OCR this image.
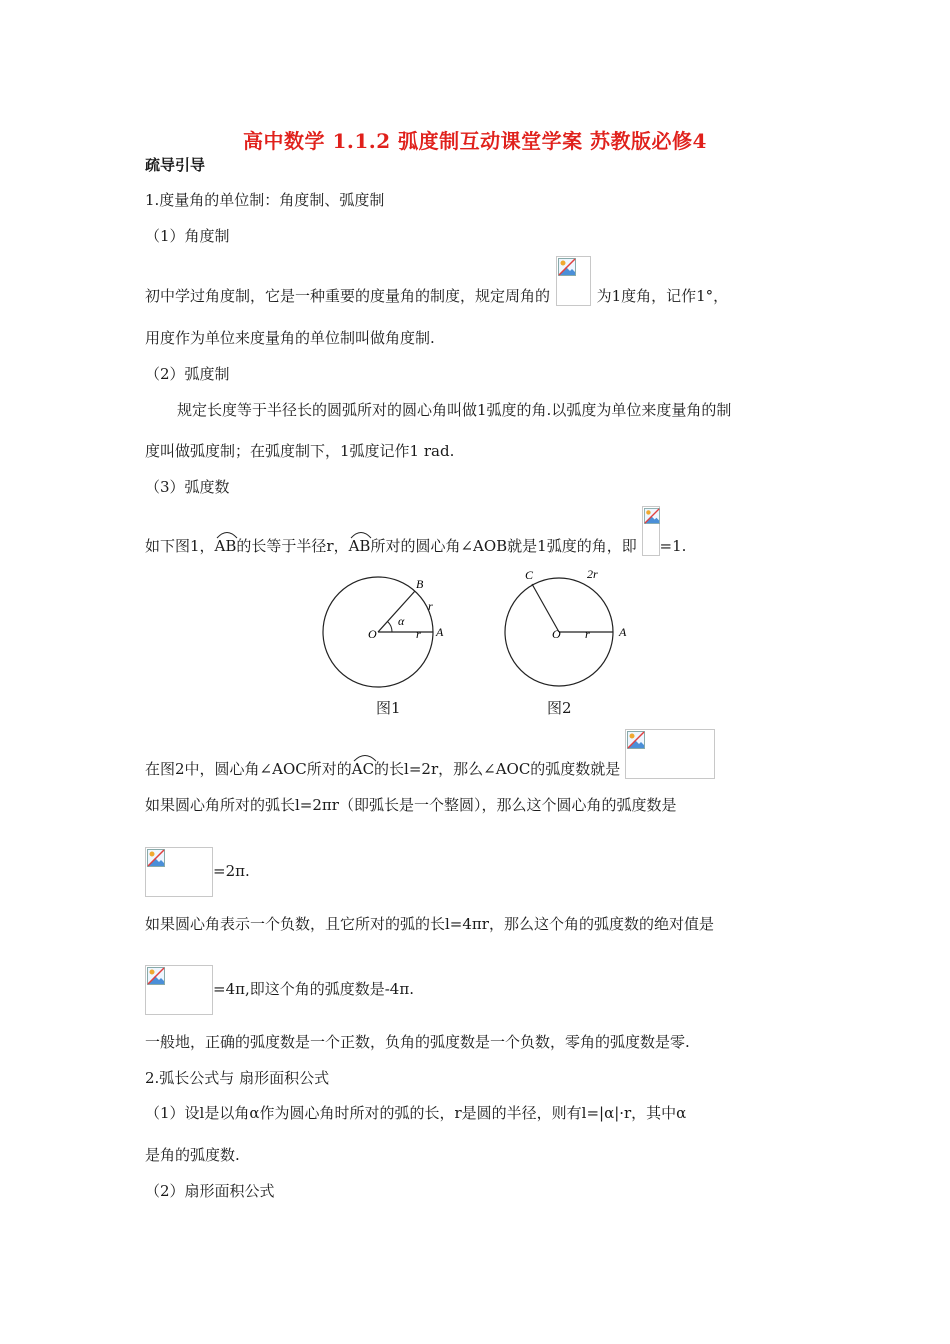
高中数学 1.1.2 弧度制互动课堂学案 苏教版必修4
疏导引导
1.度量角的单位制：角度制、弧度制
（1）角度制
初中学过角度制，它是一种重要的度量角的制度，规定周角的	为1度角，记作1°，
用度作为单位来度量角的单位制叫做角度制.
（2）弧度制
规定长度等于半径长的圆弧所对的圆心角叫做1弧度的角.以弧度为单位来度量角的制
度叫做弧度制；在弧度制下，1弧度记作1 rad.
（3）弧度数
如下图1，
AB的长等于半径r，
AB所对的圆心角∠AOB就是1弧度的角，即 =1.
B
r
α
O	r A
图1
C	2r
O r A
图2
在图2中，圆心角∠AOC所对的
AC的长l=2r，那么∠AOC的弧度数就是
如果圆心角所对的弧长l=2πr（即弧长是一个整圆），那么这个圆心角的弧度数是
=2π.
如果圆心角表示一个负数，且它所对的弧的长l=4πr，那么这个角的弧度数的绝对值是
=4π,即这个角的弧度数是-4π.
一般地，正确的弧度数是一个正数，负角的弧度数是一个负数，零角的弧度数是零.
2.弧长公式与 扇形面积公式
（1）设l是以角α作为圆心角时所对的弧的长，r是圆的半径，则有l=|α|·r，其中α
是角的弧度数.
（2）扇形面积公式
